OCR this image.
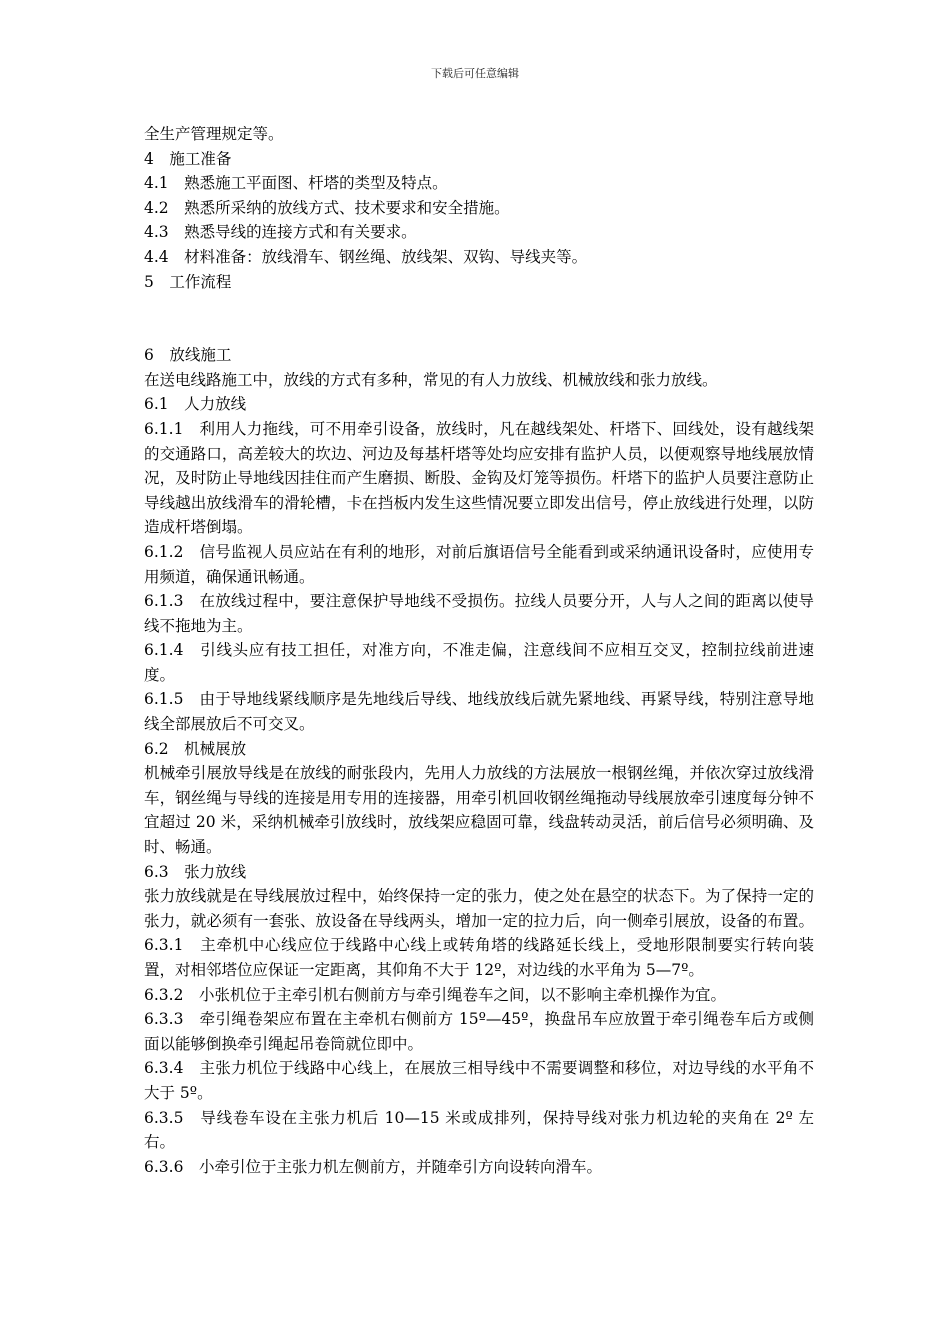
下载后可任意编辑

全生产管理规定等。

4　施工准备

4.1　熟悉施工平面图、杆塔的类型及特点。

4.2　熟悉所采纳的放线方式、技术要求和安全措施。

4.3　熟悉导线的连接方式和有关要求。

4.4　材料准备：放线滑车、钢丝绳、放线架、双钩、导线夹等。

5　工作流程

6　放线施工

在送电线路施工中，放线的方式有多种，常见的有人力放线、机械放线和张力放线。

6.1　人力放线

6.1.1　利用人力拖线，可不用牵引设备，放线时，凡在越线架处、杆塔下、回线处，设有越线架的交通路口，高差较大的坎边、河边及每基杆塔等处均应安排有监护人员，以便观察导地线展放情况，及时防止导地线因挂住而产生磨损、断股、金钩及灯笼等损伤。杆塔下的监护人员要注意防止导线越出放线滑车的滑轮槽，卡在挡板内发生这些情况要立即发出信号，停止放线进行处理，以防造成杆塔倒塌。

6.1.2　信号监视人员应站在有利的地形，对前后旗语信号全能看到或采纳通讯设备时，应使用专用频道，确保通讯畅通。

6.1.3　在放线过程中，要注意保护导地线不受损伤。拉线人员要分开，人与人之间的距离以使导线不拖地为主。

6.1.4　引线头应有技工担任，对准方向，不准走偏，注意线间不应相互交叉，控制拉线前进速度。

6.1.5　由于导地线紧线顺序是先地线后导线、地线放线后就先紧地线、再紧导线，特别注意导地线全部展放后不可交叉。

6.2　机械展放

机械牵引展放导线是在放线的耐张段内，先用人力放线的方法展放一根钢丝绳，并依次穿过放线滑车，钢丝绳与导线的连接是用专用的连接器，用牵引机回收钢丝绳拖动导线展放牵引速度每分钟不宜超过 20 米，采纳机械牵引放线时，放线架应稳固可靠，线盘转动灵活，前后信号必须明确、及时、畅通。

6.3　张力放线

张力放线就是在导线展放过程中，始终保持一定的张力，使之处在悬空的状态下。为了保持一定的张力，就必须有一套张、放设备在导线两头，增加一定的拉力后，向一侧牵引展放，设备的布置。 6.3.1　主牵机中心线应位于线路中心线上或转角塔的线路延长线上，受地形限制要实行转向装置，对相邻塔位应保证一定距离，其仰角不大于 12º，对边线的水平角为 5—7º。

6.3.2　小张机位于主牵引机右侧前方与牵引绳卷车之间，以不影响主牵机操作为宜。

6.3.3　牵引绳卷架应布置在主牵机右侧前方 15º—45º，换盘吊车应放置于牵引绳卷车后方或侧面以能够倒换牵引绳起吊卷筒就位即中。

6.3.4　主张力机位于线路中心线上，在展放三相导线中不需要调整和移位，对边导线的水平角不大于 5º。

6.3.5　导线卷车设在主张力机后 10—15 米或成排列，保持导线对张力机边轮的夹角在 2º 左右。

6.3.6　小牵引位于主张力机左侧前方，并随牵引方向设转向滑车。
